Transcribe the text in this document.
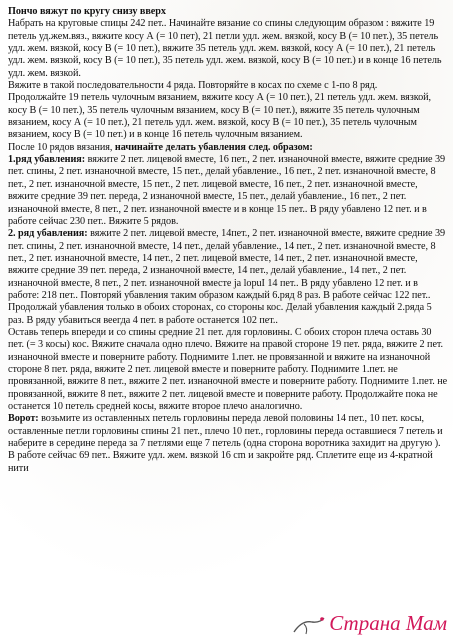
Пончо вяжут по кругу снизу вверх

Набрать на круговые спицы 242 пет.. Начинайте вязание со спины следующим образом : вяжите 19 петель уд.жем.вяз., вяжите косу А (= 10 пет), 21 петли удл. жем. вязкой, косу В (= 10 пет.), 35 петель удл. жем. вязкой, косу В (= 10 пет.), вяжите 35 петель удл. жем. вязкой, косу А (= 10 пет.), 21 петель удл. жем. вязкой, косу В (= 10 пет.), 35 петель удл. жем. вязкой, косу В (= 10 пет.) и в конце 16 петель удл. жем. вязкой.

Вяжите в такой последовательности 4 ряда. Повторяйте в косах по схеме с 1-по 8 ряд.

Продолжайте 19 петель чулочным вязанием, вяжите косу А (= 10 пет.), 21 петель удл. жем. вязкой, косу В (= 10 пет.), 35 петель чулочным вязанием, косу В (= 10 пет.), вяжите 35 петель чулочным вязанием, косу А (= 10 пет.), 21 петель удл. жем. вязкой, косу В (= 10 пет.), 35 петель чулочным вязанием, косу В (= 10 пет.) и в конце 16 петель чулочным вязанием.

После 10 рядов вязания, начинайте делать убавления след. образом:

1.ряд убавления: вяжите 2 пет. лицевой вместе, 16 пет., 2 пет. изнаночной вместе, вяжите средние 39 пет. спины, 2 пет. изнаночной вместе, 15 пет., делай убавление., 16 пет., 2 пет. изнаночной вместе, 8 пет., 2 пет. изнаночной вместе, 15 пет., 2 пет. лицевой вместе, 16 пет., 2 пет. изнаночной вместе, вяжите средние 39 пет. переда, 2 изнаночной вместе, 15 пет., делай убавление., 16 пет., 2 пет. изнаночной вместе, 8 пет., 2 пет. изнаночной вместе и в конце 15 пет.. В ряду убавлено 12 пет. и в работе сейчас 230 пет.. Вяжите 5 рядов.

2. ряд убавления: вяжите 2 пет. лицевой вместе, 14пет., 2 пет. изнаночной вместе, вяжите средние 39 пет. спины, 2 пет. изнаночной вместе, 14 пет., делай убавление., 14 пет., 2 пет. изнаночной вместе, 8 пет., 2 пет. изнаночной вместе, 14 пет., 2 пет. лицевой вместе, 14 пет., 2 пет. изнаночной вместе, вяжите средние 39 пет. переда, 2 изнаночной вместе, 14 пет., делай убавление., 14 пет., 2 пет. изнаночной вместе, 8 пет., 2 пет. изнаночной вместе ja lopuI 14 пет.. В ряду убавлено 12 пет. и в работе: 218 пет.. Повторяй убавления таким образом каждый 6.ряд 8 раз. В работе сейчас 122 пет.. Продолжай убавления только в обоих сторонах, со стороны кос. Делай убавления каждый 2.ряда 5 раз. В ряду убавиться веегда 4 пет. в работе останется 102 пет..

Оставь теперь впереди и со спины средние 21 пет. для горловины. С обоих сторон плеча оставь 30 пет. (= 3 косы) кос. Вяжите сначала одно плечо. Вяжите на правой стороне 19 пет. ряда, вяжите 2 пет. изнаночной вместе и поверните работу. Поднимите 1.пет. не провязанной и вяжите на изнаночной стороне 8 пет. ряда, вяжите 2 пет. лицевой вместе и поверните работу. Поднимите 1.пет. не провязанной, вяжите 8 пет., вяжите 2 пет. изнаночной вместе и поверните работу. Поднимите 1.пет. не провязанной, вяжите 8 пет., вяжите 2 пет. лицевой вместе и поверните работу. Продолжайте пока не останется 10 петель средней косы, вяжите второе плечо аналогично.

Ворот: возьмите из оставленных петель горловины переда левой половины 14 пет., 10 пет. косы, оставленные петли горловины спины 21 пет., плечо 10 пет., горловины переда оставшиеся 7 петель и наберите в середине переда за 7 петлями еще 7 петель (одна сторона воротника захидит на другую ). В работе сейчас 69 пет.. Вяжите удл. жем. вязкой 16 cm и закройте ряд. Сплетите еще из 4-кратной нити

Страна Мам
